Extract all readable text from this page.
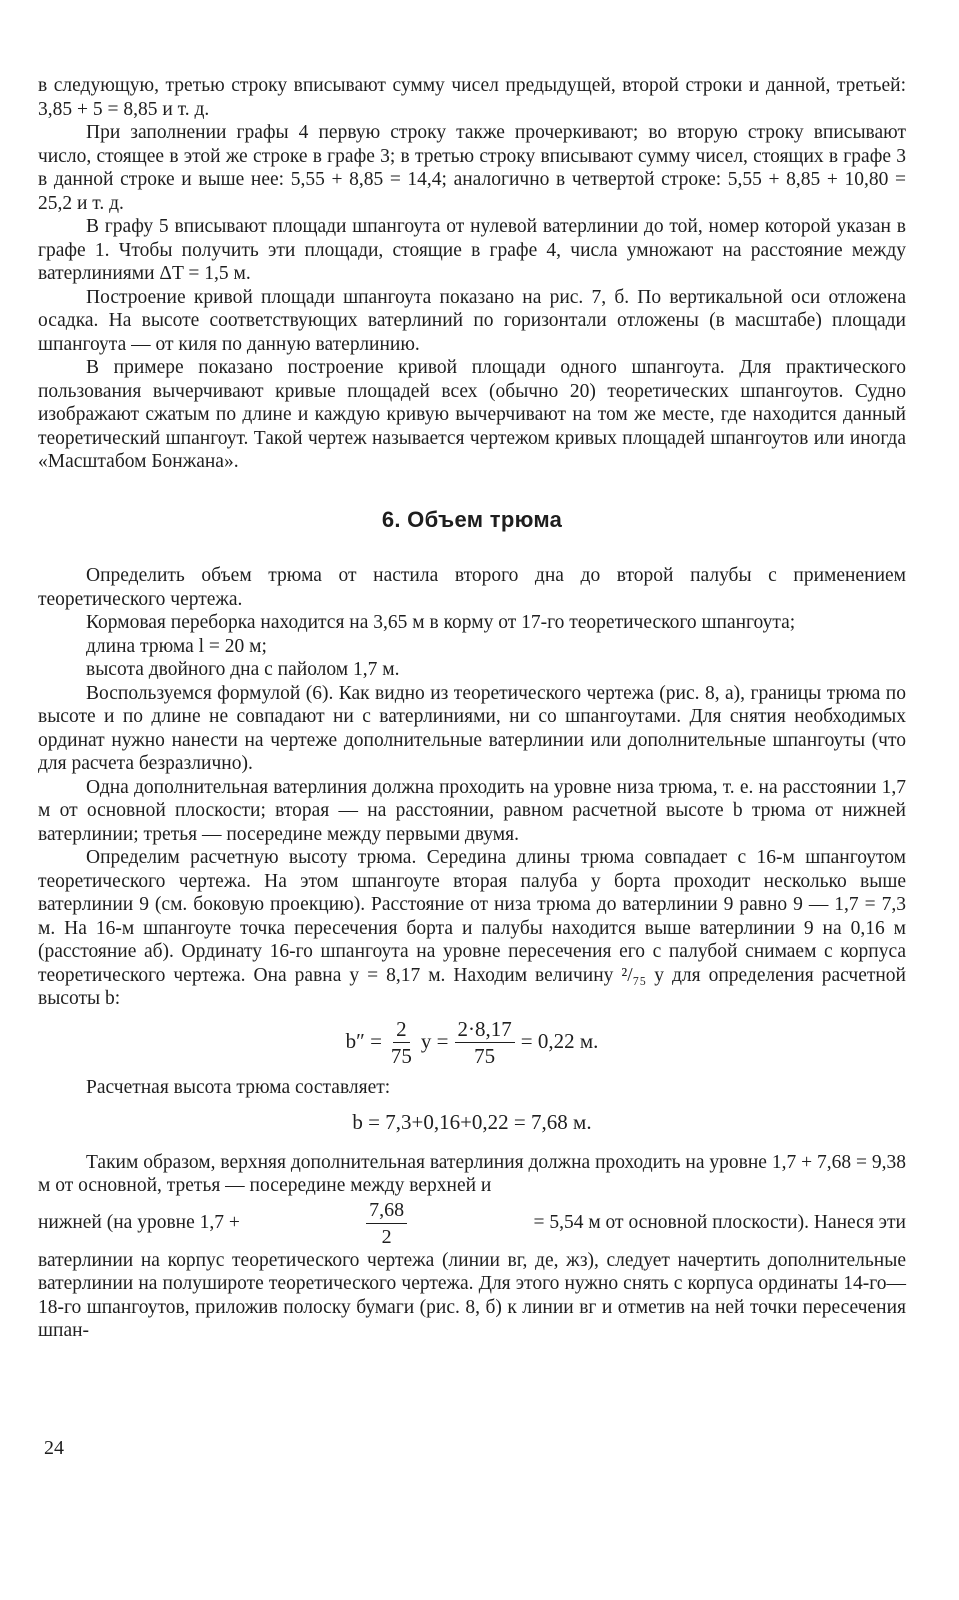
в следующую, третью строку вписывают сумму чисел предыдущей, второй строки и данной, третьей: 3,85 + 5 = 8,85 и т. д.

При заполнении графы 4 первую строку также прочеркивают; во вторую строку вписывают число, стоящее в этой же строке в графе 3; в третью строку вписывают сумму чисел, стоящих в графе 3 в данной строке и выше нее: 5,55 + 8,85 = 14,4; аналогично в четвертой строке: 5,55 + 8,85 + 10,80 = 25,2 и т. д.

В графу 5 вписывают площади шпангоута от нулевой ватерлинии до той, номер которой указан в графе 1. Чтобы получить эти площади, стоящие в графе 4, числа умножают на расстояние между ватерлиниями ΔT = 1,5 м.

Построение кривой площади шпангоута показано на рис. 7, б. По вертикальной оси отложена осадка. На высоте соответствующих ватерлиний по горизонтали отложены (в масштабе) площади шпангоута — от киля по данную ватерлинию.

В примере показано построение кривой площади одного шпангоута. Для практического пользования вычерчивают кривые площадей всех (обычно 20) теоретических шпангоутов. Судно изображают сжатым по длине и каждую кривую вычерчивают на том же месте, где находится данный теоретический шпангоут. Такой чертеж называется чертежом кривых площадей шпангоутов или иногда «Масштабом Бонжана».

6. Объем трюма

Определить объем трюма от настила второго дна до второй палубы с применением теоретического чертежа.

Кормовая переборка находится на 3,65 м в корму от 17-го теоретического шпангоута;

длина трюма l = 20 м;

высота двойного дна с пайолом 1,7 м.

Воспользуемся формулой (6). Как видно из теоретического чертежа (рис. 8, а), границы трюма по высоте и по длине не совпадают ни с ватерлиниями, ни со шпангоутами. Для снятия необходимых ординат нужно нанести на чертеже дополнительные ватерлинии или дополнительные шпангоуты (что для расчета безразлично).

Одна дополнительная ватерлиния должна проходить на уровне низа трюма, т. е. на расстоянии 1,7 м от основной плоскости; вторая — на расстоянии, равном расчетной высоте b трюма от нижней ватерлинии; третья — посередине между первыми двумя.

Определим расчетную высоту трюма. Середина длины трюма совпадает с 16-м шпангоутом теоретического чертежа. На этом шпангоуте вторая палуба у борта проходит несколько выше ватерлинии 9 (см. боковую проекцию). Расстояние от низа трюма до ватерлинии 9 равно 9 — 1,7 = 7,3 м. На 16-м шпангоуте точка пересечения борта и палубы находится выше ватерлинии 9 на 0,16 м (расстояние аб). Ординату 16-го шпангоута на уровне пересечения его с палубой снимаем с корпуса теоретического чертежа. Она равна y = 8,17 м. Находим величину ²/₇₅ y для определения расчетной высоты b:

$b'' = \frac{2}{75}$ $y = \frac{2\cdot 8,17}{75} = 0,22$ м.

Расчетная высота трюма составляет:

b = 7,3+0,16+0,22 = 7,68 м.

Таким образом, верхняя дополнительная ватерлиния должна проходить на уровне 1,7 + 7,68 = 9,38 м от основной, третья — посередине между верхней и

нижней (на уровне 1,7 +	$\frac{7,68}{2}$	= 5,54 м от основной плоскости). Нанеся эти

ватерлинии на корпус теоретического чертежа (линии вг, де, жз), следует начертить дополнительные ватерлинии на полушироте теоретического чертежа. Для этого нужно снять с корпуса ординаты 14-го—18-го шпангоутов, приложив полоску бумаги (рис. 8, б) к линии вг и отметив на ней точки пересечения шпан-

24
